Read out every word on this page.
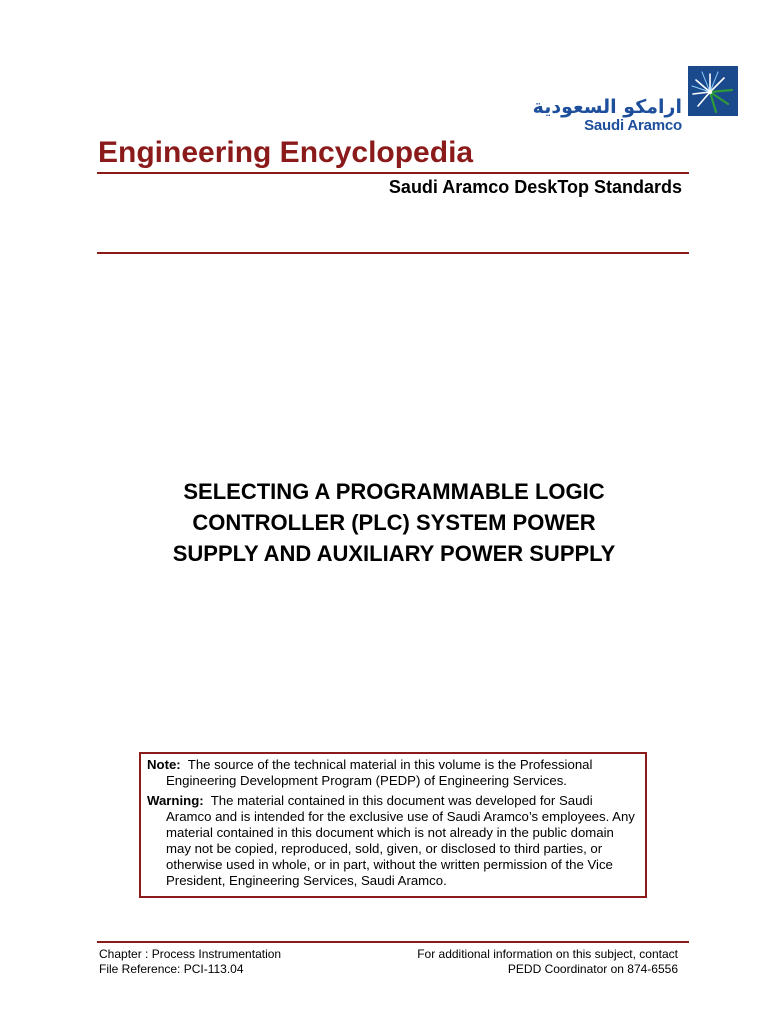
ارامكو السعودية
Saudi Aramco
Engineering Encyclopedia
Saudi Aramco DeskTop Standards
SELECTING A PROGRAMMABLE LOGIC
CONTROLLER (PLC) SYSTEM POWER
SUPPLY AND AUXILIARY POWER SUPPLY

Note: The source of the technical material in this volume is the Professional Engineering Development Program (PEDP) of Engineering Services.

Warning: The material contained in this document was developed for Saudi Aramco and is intended for the exclusive use of Saudi Aramco’s employees. Any material contained in this document which is not already in the public domain may not be copied, reproduced, sold, given, or disclosed to third parties, or otherwise used in whole, or in part, without the written permission of the Vice President, Engineering Services, Saudi Aramco.

Chapter : Process Instrumentation
File Reference: PCI-113.04
For additional information on this subject, contact
PEDD Coordinator on 874-6556
